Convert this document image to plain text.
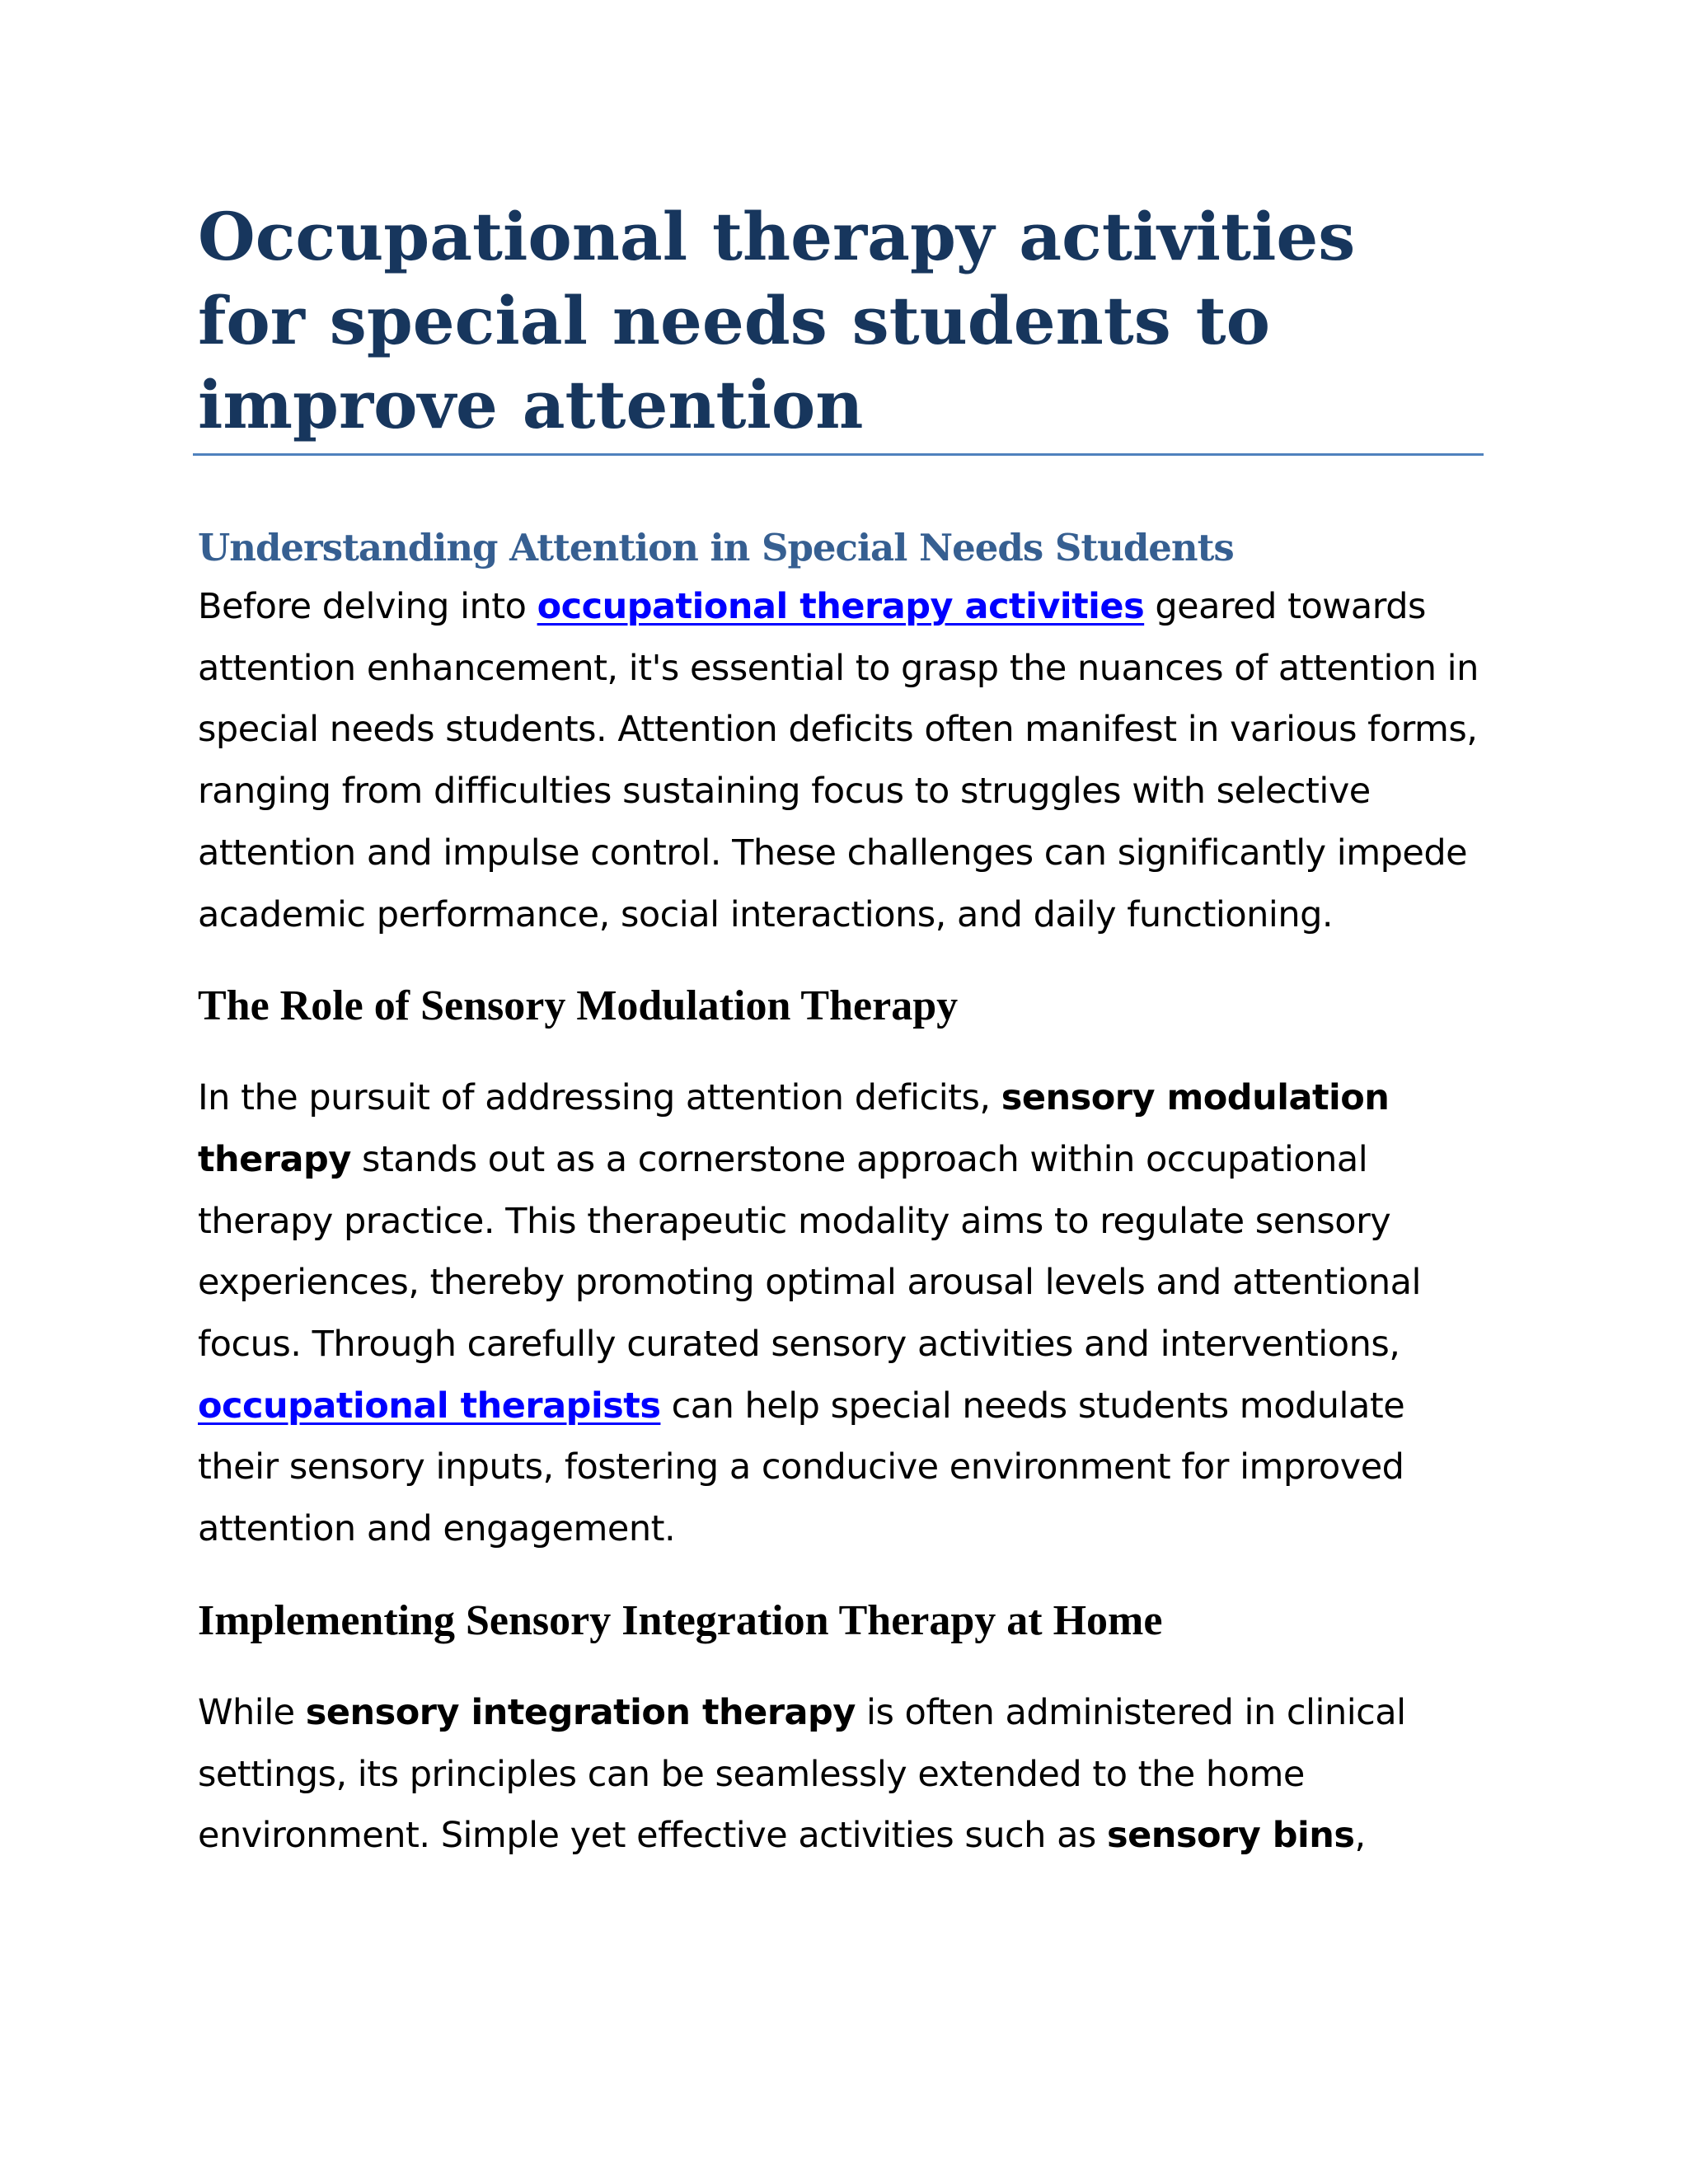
Occupational therapy activities for special needs students to improve attention
Understanding Attention in Special Needs Students

Before delving into occupational therapy activities geared towards attention enhancement, it's essential to grasp the nuances of attention in special needs students. Attention deficits often manifest in various forms, ranging from difficulties sustaining focus to struggles with selective attention and impulse control. These challenges can significantly impede academic performance, social interactions, and daily functioning.

The Role of Sensory Modulation Therapy

In the pursuit of addressing attention deficits, sensory modulation therapy stands out as a cornerstone approach within occupational therapy practice. This therapeutic modality aims to regulate sensory experiences, thereby promoting optimal arousal levels and attentional focus. Through carefully curated sensory activities and interventions, occupational therapists can help special needs students modulate their sensory inputs, fostering a conducive environment for improved attention and engagement.

Implementing Sensory Integration Therapy at Home

While sensory integration therapy is often administered in clinical settings, its principles can be seamlessly extended to the home environment. Simple yet effective activities such as sensory bins,
